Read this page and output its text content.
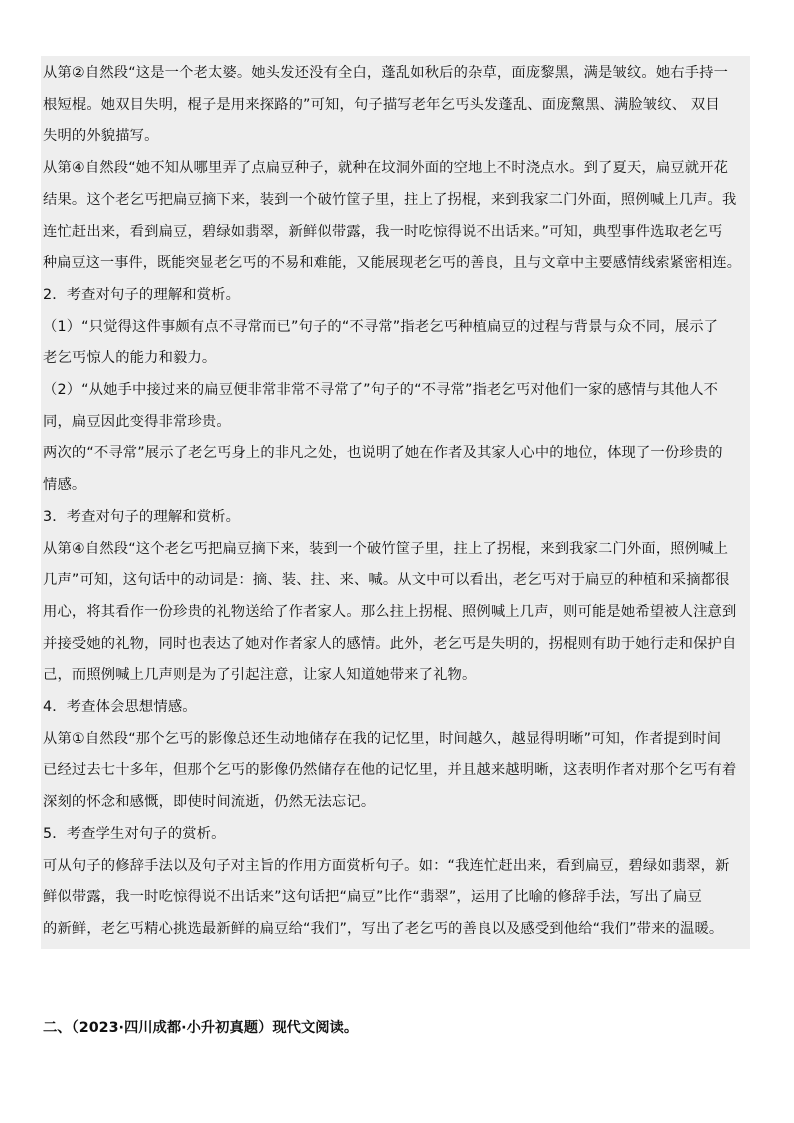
从第②自然段“这是一个老太婆。她头发还没有全白，蓬乱如秋后的杂草，面庞黎黑，满是皱纹。她右手持一
根短棍。她双目失明，棍子是用来探路的”可知，句子描写老年乞丐头发蓬乱、面庞黧黑、满脸皱纹、 双目
失明的外貌描写。
从第④自然段“她不知从哪里弄了点扁豆种子，就种在坟洞外面的空地上不时浇点水。到了夏天，扁豆就开花
结果。这个老乞丐把扁豆摘下来，装到一个破竹筐子里，拄上了拐棍，来到我家二门外面，照例喊上几声。我
连忙赶出来，看到扁豆，碧绿如翡翠，新鲜似带露，我一时吃惊得说不出话来。”可知，典型事件选取老乞丐
种扁豆这一事件，既能突显老乞丐的不易和难能，又能展现老乞丐的善良，且与文章中主要感情线索紧密相连。
2．考查对句子的理解和赏析。
（1）“只觉得这件事颇有点不寻常而已”句子的“不寻常”指老乞丐种植扁豆的过程与背景与众不同，展示了
老乞丐惊人的能力和毅力。
（2）“从她手中接过来的扁豆便非常非常不寻常了”句子的“不寻常”指老乞丐对他们一家的感情与其他人不
同，扁豆因此变得非常珍贵。
两次的“不寻常”展示了老乞丐身上的非凡之处，也说明了她在作者及其家人心中的地位，体现了一份珍贵的
情感。
3．考查对句子的理解和赏析。
从第④自然段“这个老乞丐把扁豆摘下来，装到一个破竹筐子里，拄上了拐棍，来到我家二门外面，照例喊上
几声”可知，这句话中的动词是：摘、装、拄、来、喊。从文中可以看出，老乞丐对于扁豆的种植和采摘都很
用心，将其看作一份珍贵的礼物送给了作者家人。那么拄上拐棍、照例喊上几声，则可能是她希望被人注意到
并接受她的礼物，同时也表达了她对作者家人的感情。此外，老乞丐是失明的，拐棍则有助于她行走和保护自
己，而照例喊上几声则是为了引起注意，让家人知道她带来了礼物。
4．考查体会思想情感。
从第①自然段“那个乞丐的影像总还生动地储存在我的记忆里，时间越久，越显得明晰”可知，作者提到时间
已经过去七十多年，但那个乞丐的影像仍然储存在他的记忆里，并且越来越明晰，这表明作者对那个乞丐有着
深刻的怀念和感慨，即使时间流逝，仍然无法忘记。
5．考查学生对句子的赏析。
可从句子的修辞手法以及句子对主旨的作用方面赏析句子。如：“我连忙赶出来，看到扁豆，碧绿如翡翠，新
鲜似带露，我一时吃惊得说不出话来”这句话把“扁豆”比作“翡翠”，运用了比喻的修辞手法，写出了扁豆
的新鲜，老乞丐精心挑选最新鲜的扁豆给“我们”，写出了老乞丐的善良以及感受到他给“我们”带来的温暖。
二、（2023·四川成都·小升初真题）现代文阅读。
